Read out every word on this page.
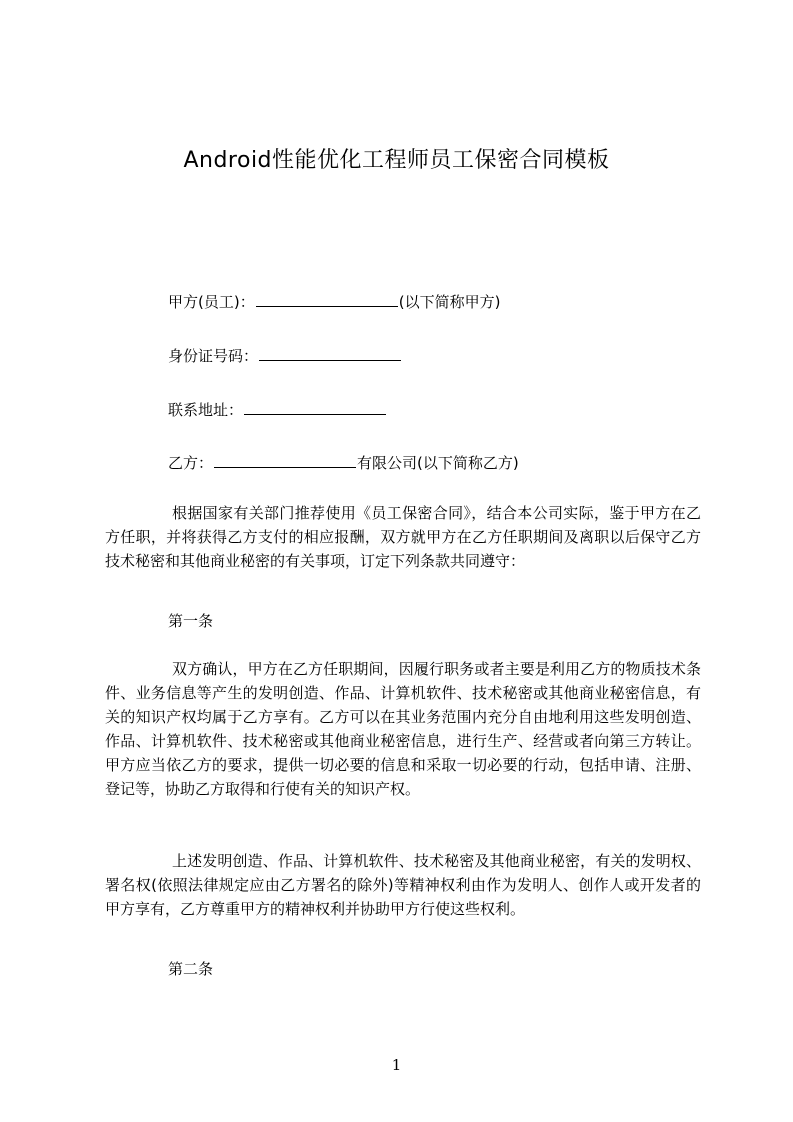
Android性能优化工程师员工保密合同模板
甲方(员工)：	(以下简称甲方)
身份证号码：
联系地址：
乙方：	有限公司(以下简称乙方)
根据国家有关部门推荐使用《员工保密合同》，结合本公司实际，鉴于甲方在乙方任职，并将获得乙方支付的相应报酬，双方就甲方在乙方任职期间及离职以后保守乙方技术秘密和其他商业秘密的有关事项，订定下列条款共同遵守：
第一条
双方确认，甲方在乙方任职期间，因履行职务或者主要是利用乙方的物质技术条件、业务信息等产生的发明创造、作品、计算机软件、技术秘密或其他商业秘密信息，有关的知识产权均属于乙方享有。乙方可以在其业务范围内充分自由地利用这些发明创造、作品、计算机软件、技术秘密或其他商业秘密信息，进行生产、经营或者向第三方转让。甲方应当依乙方的要求，提供一切必要的信息和采取一切必要的行动，包括申请、注册、登记等，协助乙方取得和行使有关的知识产权。
上述发明创造、作品、计算机软件、技术秘密及其他商业秘密，有关的发明权、署名权(依照法律规定应由乙方署名的除外)等精神权利由作为发明人、创作人或开发者的甲方享有，乙方尊重甲方的精神权利并协助甲方行使这些权利。
第二条
1
